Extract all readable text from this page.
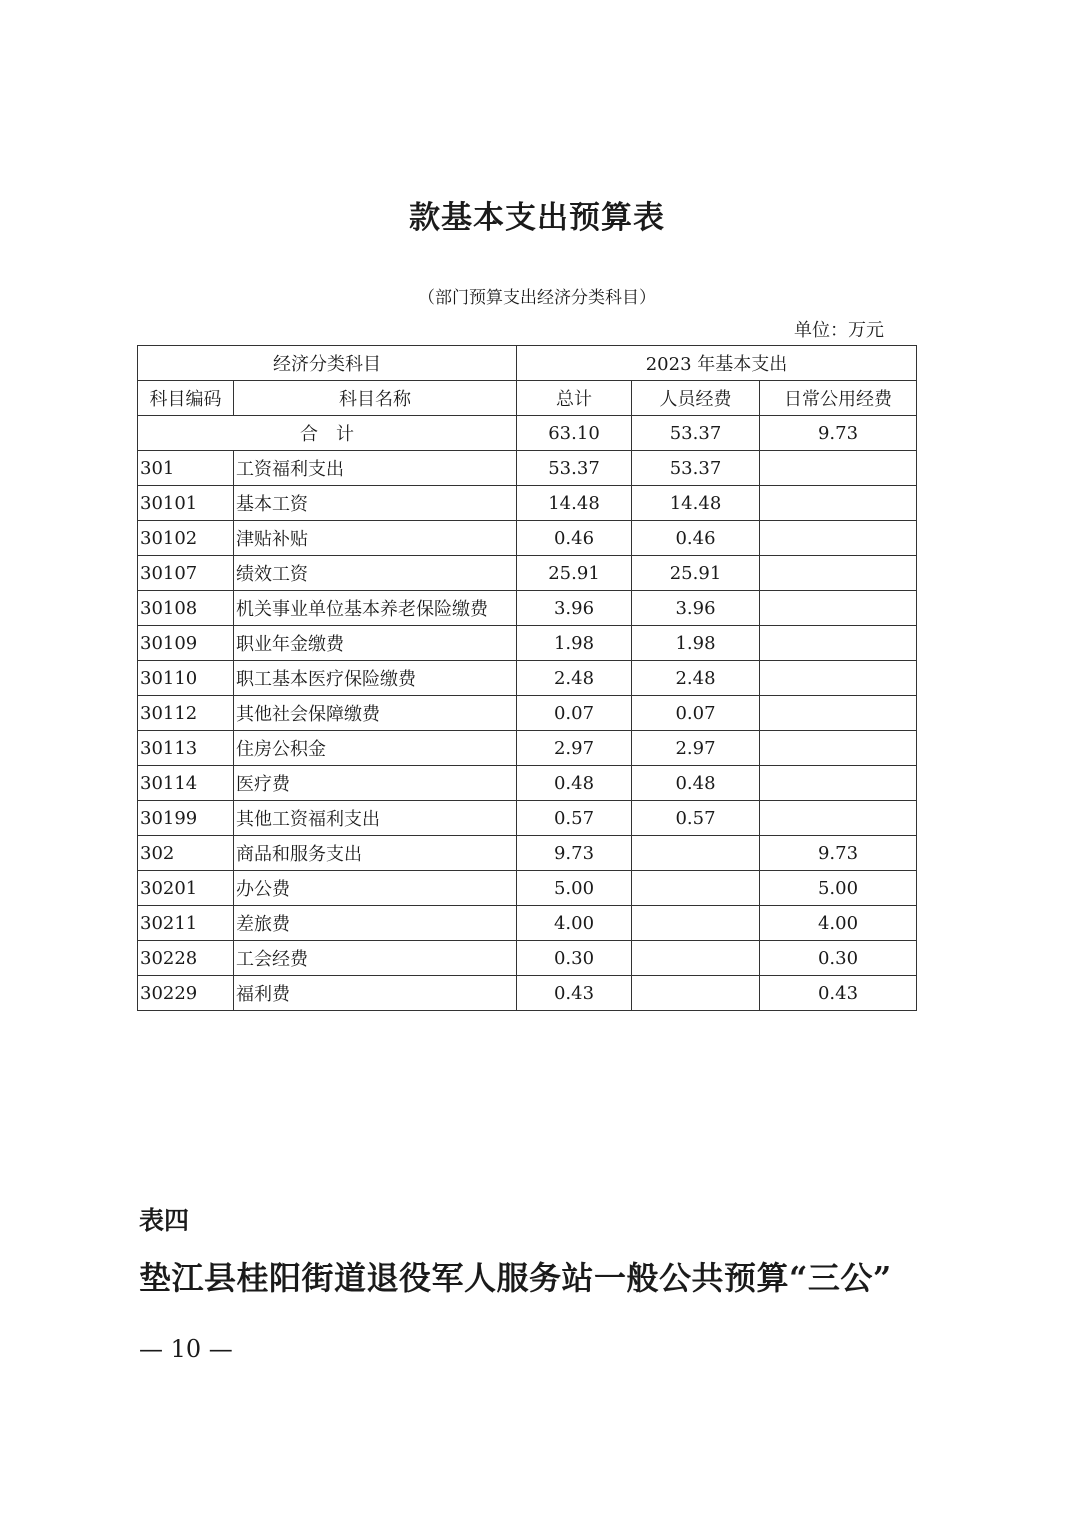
款基本支出预算表
（部门预算支出经济分类科目）
单位：万元
经济分类科目		2023 年基本支出		
科目编码	科目名称	总计	人员经费	日常公用经费
合　计		63.10	53.37	9.73
301	工资福利支出	53.37	53.37	
30101	基本工资	14.48	14.48	
30102	津贴补贴	0.46	0.46	
30107	绩效工资	25.91	25.91	
30108	机关事业单位基本养老保险缴费	3.96	3.96	
30109	职业年金缴费	1.98	1.98	
30110	职工基本医疗保险缴费	2.48	2.48	
30112	其他社会保障缴费	0.07	0.07	
30113	住房公积金	2.97	2.97	
30114	医疗费	0.48	0.48	
30199	其他工资福利支出	0.57	0.57	
302	商品和服务支出	9.73		9.73
30201	办公费	5.00		5.00
30211	差旅费	4.00		4.00
30228	工会经费	0.30		0.30
30229	福利费	0.43		0.43
表四
垫江县桂阳街道退役军人服务站一般公共预算“三公”
— 10 —
